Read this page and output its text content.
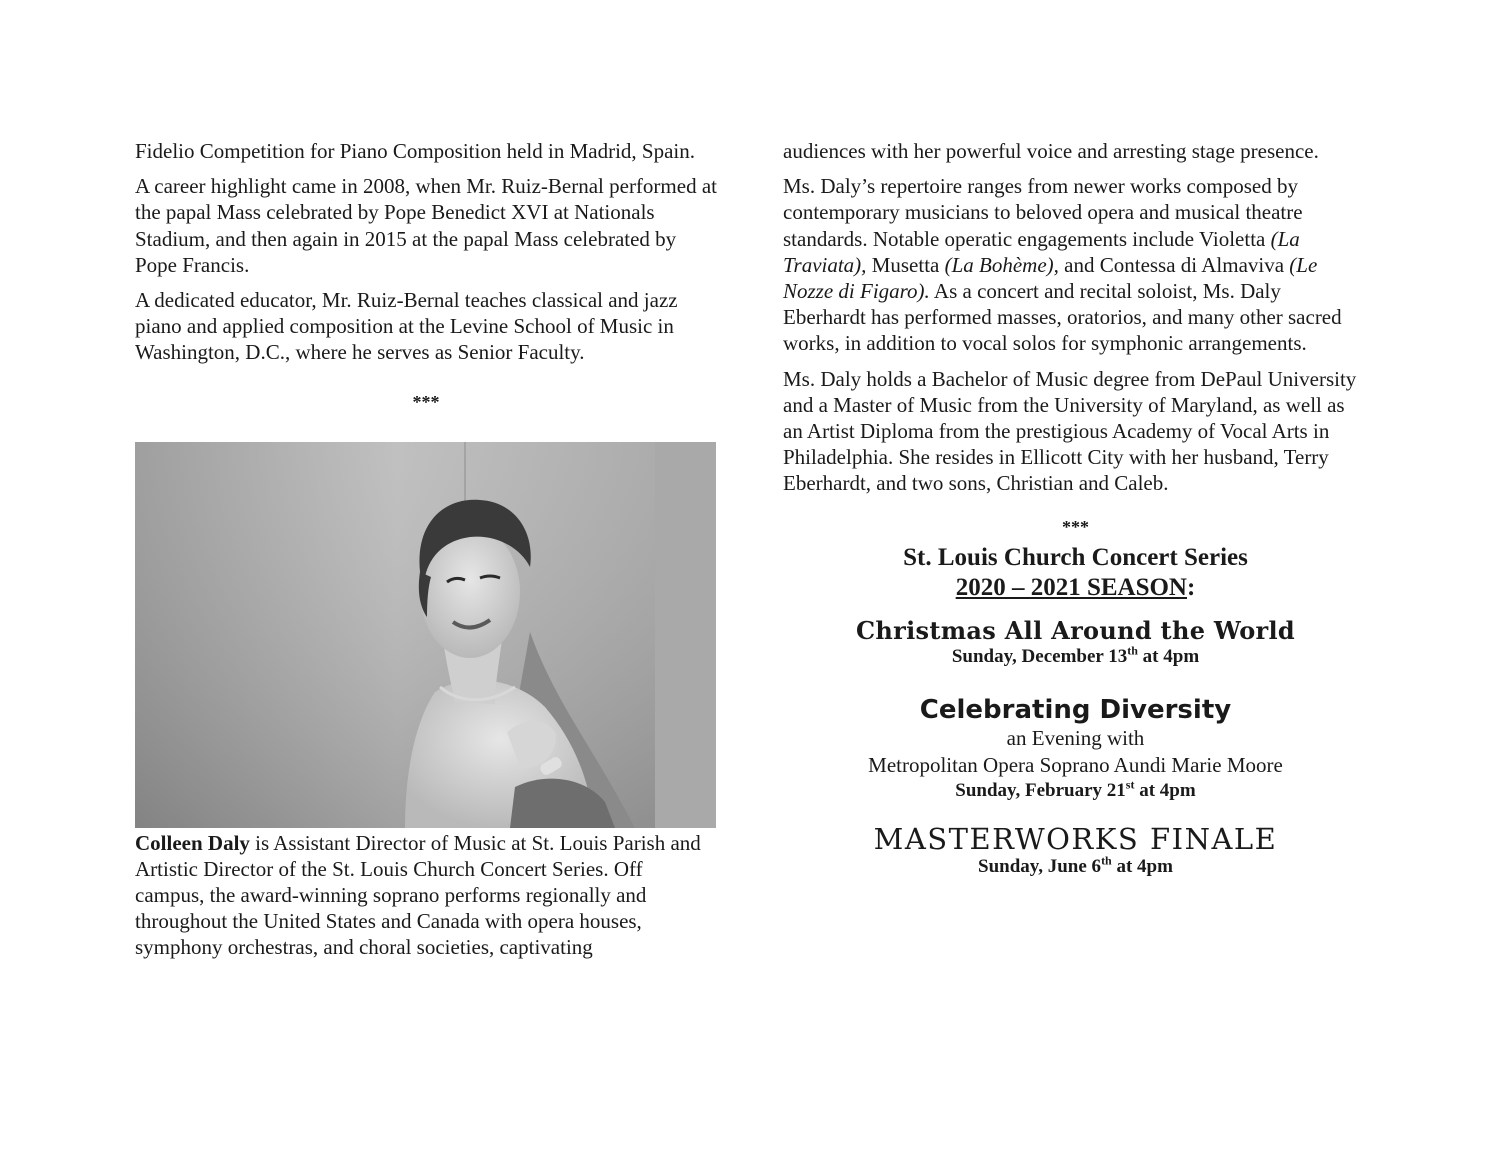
Fidelio Competition for Piano Composition held in Madrid, Spain.

A career highlight came in 2008, when Mr. Ruiz-Bernal performed at the papal Mass celebrated by Pope Benedict XVI at Nationals Stadium, and then again in 2015 at the papal Mass celebrated by Pope Francis.

A dedicated educator, Mr. Ruiz-Bernal teaches classical and jazz piano and applied composition at the Levine School of Music in Washington, D.C., where he serves as Senior Faculty.

***

Colleen Daly is Assistant Director of Music at St. Louis Parish and Artistic Director of the St. Louis Church Concert Series. Off campus, the award-winning soprano performs regionally and throughout the United States and Canada with opera houses, symphony orchestras, and choral societies, captivating

audiences with her powerful voice and arresting stage presence.

Ms. Daly’s repertoire ranges from newer works composed by contemporary musicians to beloved opera and musical theatre standards. Notable operatic engagements include Violetta (La Traviata), Musetta (La Bohème), and Contessa di Almaviva (Le Nozze di Figaro). As a concert and recital soloist, Ms. Daly Eberhardt has performed masses, oratorios, and many other sacred works, in addition to vocal solos for symphonic arrangements.

Ms. Daly holds a Bachelor of Music degree from DePaul University and a Master of Music from the University of Maryland, as well as an Artist Diploma from the prestigious Academy of Vocal Arts in Philadelphia. She resides in Ellicott City with her husband, Terry Eberhardt, and two sons, Christian and Caleb.

***
St. Louis Church Concert Series
2020 – 2021 SEASON:
Christmas All Around the World
Sunday, December 13th at 4pm
Celebrating Diversity
an Evening with
Metropolitan Opera Soprano Aundi Marie Moore
Sunday, February 21st at 4pm
MASTERWORKS FINALE
Sunday, June 6th at 4pm
